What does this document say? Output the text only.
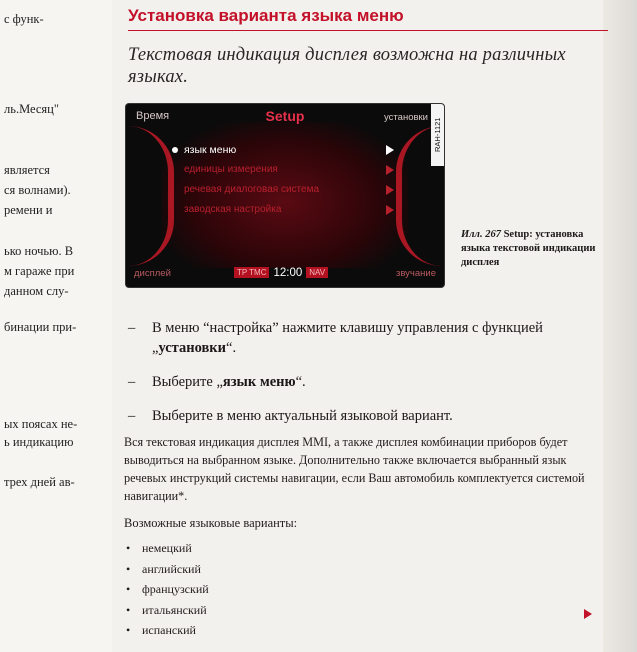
с функ-
ль.Месяц"
является
ся волнами).
ремени и
ько ночью. В
м гараже при
данном слу-
бинации при-
ых поясах не-
ь индикацию
трех дней ав-
Установка варианта языка меню
Текстовая индикация дисплея возможна на различных языках.
Время	Setup	установки
RAH-1121
язык меню
единицы измерения
речевая диалоговая система
заводская настройка
дисплей	TP TMC 12:00 NAV	звучание
Илл. 267 Setup: установка языка текстовой индикации дисплея
– В меню “настройка” нажмите клавишу управления с функцией „установки“.
– Выберите „язык меню“.
– Выберите в меню актуальный языковой вариант.
Вся текстовая индикация дисплея MMI, а также дисплея комбинации приборов будет выводиться на выбранном языке. Дополнительно также включается выбранный язык речевых инструкций системы навигации, если Ваш автомобиль комплектуется системой навигации*.
Возможные языковые варианты:
• немецкий
• английский
• французский
• итальянский
• испанский
